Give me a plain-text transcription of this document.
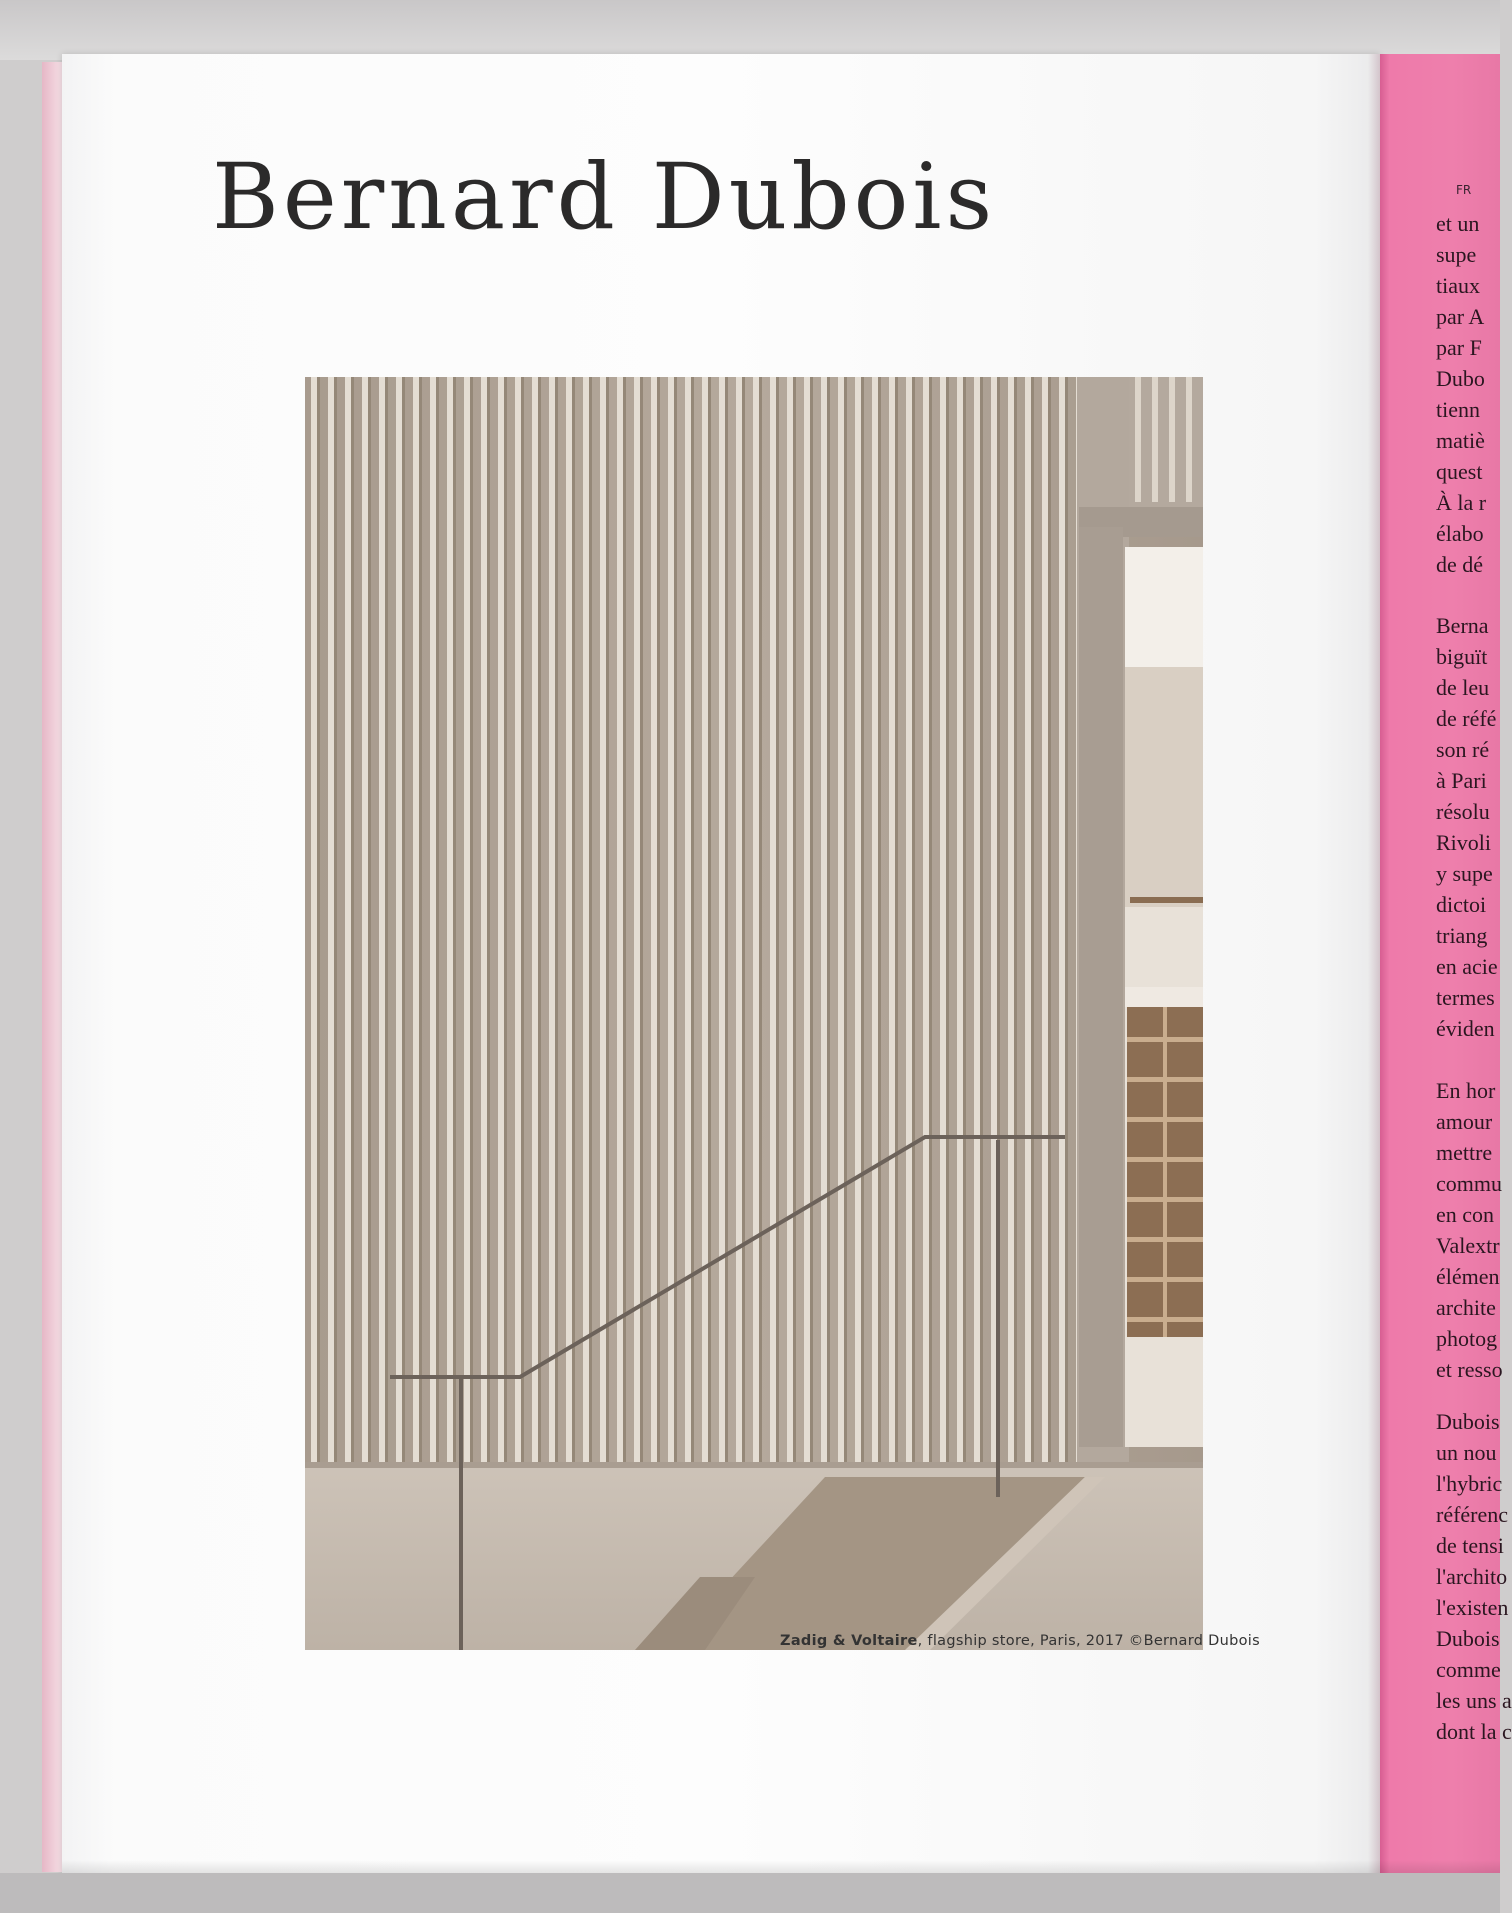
Bernard Dubois
Zadig & Voltaire, flagship store, Paris, 2017 ©Bernard Dubois
FR
et un
supe
tiaux
par A
par F
Dubo
tienn
matiè
quest
À la r
élabo
de dé
Berna
biguït
de leu
de réfé
son ré
à Pari
résolu
Rivoli
y supe
dictoi
triang
en acie
termes
éviden
En hor
amour
mettre
commu
en con
Valextr
élémen
archite
photog
et resso
Dubois
un nou
l'hybric
référenc
de tensi
l'archito
l'existen
Dubois
comme
les uns a
dont la c
